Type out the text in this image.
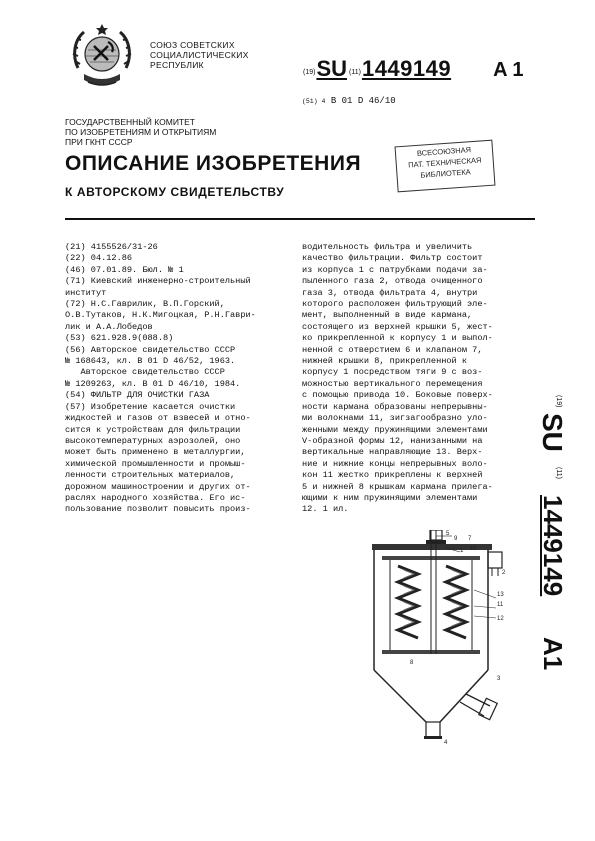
СОЮЗ СОВЕТСКИХ
СОЦИАЛИСТИЧЕСКИХ
РЕСПУБЛИК
(19) SU (11) 1449149 A 1
(51) 4 B 01 D 46/10
ГОСУДАРСТВЕННЫЙ КОМИТЕТ
ПО ИЗОБРЕТЕНИЯМ И ОТКРЫТИЯМ
ПРИ ГКНТ СССР
ВСЕСОЮЗНАЯ
ПАТ. ТЕХНИЧЕСКАЯ
БИБЛИОТЕКА
ОПИСАНИЕ ИЗОБРЕТЕНИЯ
К АВТОРСКОМУ СВИДЕТЕЛЬСТВУ
(21) 4155526/31-26
(22) 04.12.86
(46) 07.01.89. Бюл. № 1
(71) Киевский инженерно-строительный
институт
(72) Н.С.Гаврилик, В.П.Горский,
О.В.Тутаков, Н.К.Мигоцкая, Р.Н.Гаври-
лик и А.А.Лобедов
(53) 621.928.9(088.8)
(56) Авторское свидетельство СССР
№ 168643, кл. B 01 D 46/52, 1963.
Авторское свидетельство СССР
№ 1209263, кл. B 01 D 46/10, 1984.
(54) ФИЛЬТР ДЛЯ ОЧИСТКИ ГАЗА
(57) Изобретение касается очистки
жидкостей и газов от взвесей и отно-
сится к устройствам для фильтрации
высокотемпературных аэрозолей, оно
может быть применено в металлургии,
химической промышленности и промыш-
ленности строительных материалов,
дорожном машиностроении и других от-
раслях народного хозяйства. Его ис-
пользование позволит повысить произ-
водительность фильтра и увеличить
качество фильтрации. Фильтр состоит
из корпуса 1 с патрубками подачи за-
пыленного газа 2, отвода очищенного
газа 3, отвода фильтрата 4, внутри
которого расположен фильтрующий эле-
мент, выполненный в виде кармана,
состоящего из верхней крышки 5, жест-
ко прикрепленной к корпусу 1 и выпол-
ненной с отверстием 6 и клапаном 7,
нижней крышки 8, прикрепленной к
корпусу 1 посредством тяги 9 с воз-
можностью вертикального перемещения
с помощью привода 10. Боковые поверх-
ности кармана образованы непрерывны-
ми волокнами 11, зигзагообразно уло-
женными между пружинящими элементами
V-образной формы 12, нанизанными на
вертикальные направляющие 13. Верх-
ние и нижние концы непрерывных воло-
кон 11 жестко прикреплены к верхней
5 и нижней 8 крышкам кармана прилега-
ющими к ним пружинящими элементами
12. 1 ил.
(19)
SU
(11)
1449149
A1
5
9
1
7
10
2
13
11
12
3
8
4
